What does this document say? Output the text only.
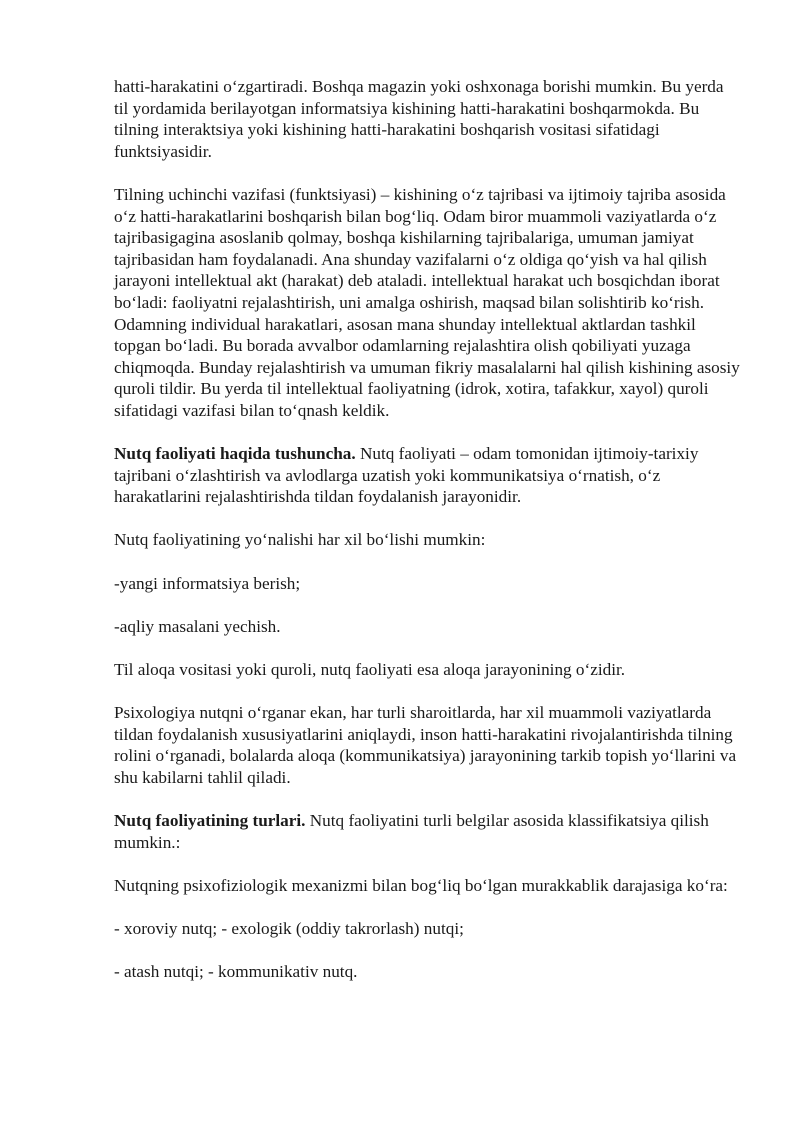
hatti-harakatini o‘zgartiradi. Boshqa magazin yoki oshxonaga borishi mumkin. Bu yerda til yordamida berilayotgan informatsiya kishining hatti-harakatini boshqarmokda. Bu tilning interaktsiya yoki kishining hatti-harakatini boshqarish vositasi sifatidagi funktsiyasidir.

Tilning uchinchi vazifasi (funktsiyasi) – kishining o‘z tajribasi va ijtimoiy tajriba asosida o‘z hatti-harakatlarini boshqarish bilan bog‘liq. Odam biror muammoli vaziyatlarda o‘z tajribasigagina asoslanib qolmay, boshqa kishilarning tajribalariga, umuman jamiyat tajribasidan ham foydalanadi. Ana shunday vazifalarni o‘z oldiga qo‘yish va hal qilish jarayoni intellektual akt (harakat) deb ataladi. intellektual harakat uch bosqichdan iborat bo‘ladi: faoliyatni rejalashtirish, uni amalga oshirish, maqsad bilan solishtirib ko‘rish. Odamning individual harakatlari, asosan mana shunday intellektual aktlardan tashkil topgan bo‘ladi. Bu borada avvalbor odamlarning rejalashtira olish qobiliyati yuzaga chiqmoqda. Bunday rejalashtirish va umuman fikriy masalalarni hal qilish kishining asosiy quroli tildir. Bu yerda til intellektual faoliyatning (idrok, xotira, tafakkur, xayol) quroli sifatidagi vazifasi bilan to‘qnash keldik.

Nutq faoliyati haqida tushuncha. Nutq faoliyati – odam tomonidan ijtimoiy-tarixiy tajribani o‘zlashtirish va avlodlarga uzatish yoki kommunikatsiya o‘rnatish, o‘z harakatlarini rejalashtirishda tildan foydalanish jarayonidir.

Nutq faoliyatining yo‘nalishi har xil bo‘lishi mumkin:

-yangi informatsiya berish;

-aqliy masalani yechish.

Til aloqa vositasi yoki quroli, nutq faoliyati esa aloqa jarayonining o‘zidir.

Psixologiya nutqni o‘rganar ekan, har turli sharoitlarda, har xil muammoli vaziyatlarda tildan foydalanish xususiyatlarini aniqlaydi, inson hatti-harakatini rivojalantirishda tilning rolini o‘rganadi, bolalarda aloqa (kommunikatsiya) jarayonining tarkib topish yo‘llarini va shu kabilarni tahlil qiladi.

Nutq faoliyatining turlari. Nutq faoliyatini turli belgilar asosida klassifikatsiya qilish mumkin.:

Nutqning psixofiziologik mexanizmi bilan bog‘liq bo‘lgan murakkablik darajasiga ko‘ra:

- xoroviy nutq; - exologik (oddiy takrorlash) nutqi;

- atash nutqi; - kommunikativ nutq.
